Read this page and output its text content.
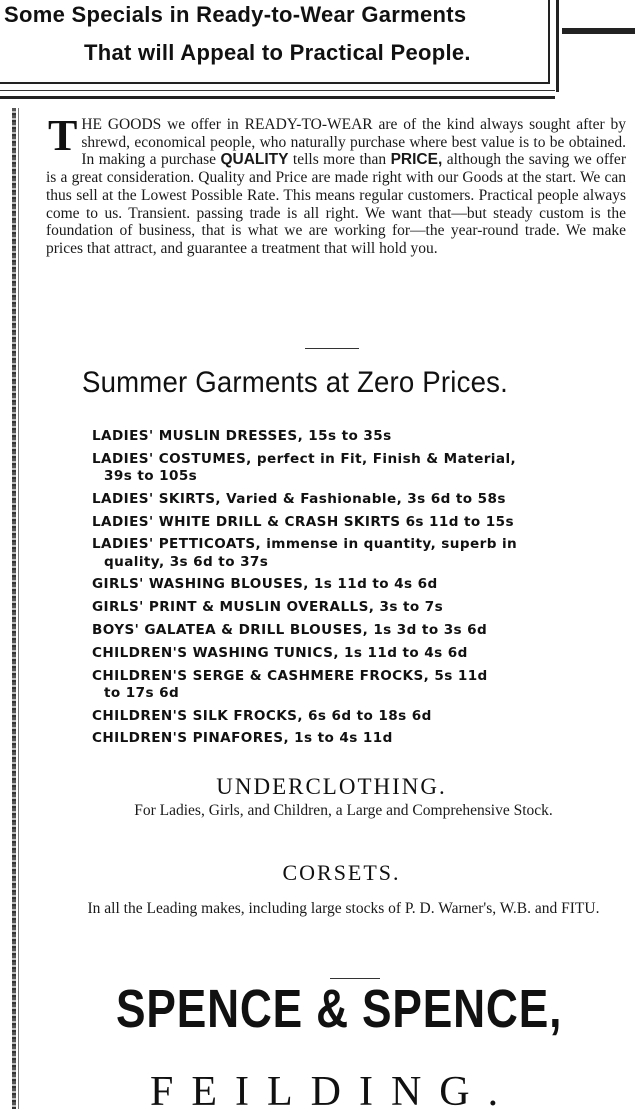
Some Specials in Ready-to-Wear Garments
That will Appeal to Practical People.
THE GOODS we offer in READY-TO-WEAR are of the kind always sought after by shrewd, economical people, who naturally purchase where best value is to be obtained. In making a purchase QUALITY tells more than PRICE, although the saving we offer is a great consideration. Quality and Price are made right with our Goods at the start. We can thus sell at the Lowest Possible Rate. This means regular customers. Practical people always come to us. Transient. passing trade is all right. We want that—but steady custom is the foundation of business, that is what we are working for—the year-round trade. We make prices that attract, and guarantee a treatment that will hold you.
Summer Garments at Zero Prices.
LADIES' MUSLIN DRESSES, 15s to 35s
LADIES' COSTUMES, perfect in Fit, Finish & Material,
39s to 105s
LADIES' SKIRTS, Varied & Fashionable, 3s 6d to 58s
LADIES' WHITE DRILL & CRASH SKIRTS 6s 11d to 15s
LADIES' PETTICOATS, immense in quantity, superb in
quality, 3s 6d to 37s
GIRLS' WASHING BLOUSES, 1s 11d to 4s 6d
GIRLS' PRINT & MUSLIN OVERALLS, 3s to 7s
BOYS' GALATEA & DRILL BLOUSES, 1s 3d to 3s 6d
CHILDREN'S WASHING TUNICS, 1s 11d to 4s 6d
CHILDREN'S SERGE & CASHMERE FROCKS, 5s 11d
to 17s 6d
CHILDREN'S SILK FROCKS, 6s 6d to 18s 6d
CHILDREN'S PINAFORES, 1s to 4s 11d
UNDERCLOTHING.
For Ladies, Girls, and Children, a Large and Comprehensive Stock.
CORSETS.
In all the Leading makes, including large stocks of P. D. Warner's, W.B. and FITU.
SPENCE & SPENCE,
FEILDING.
